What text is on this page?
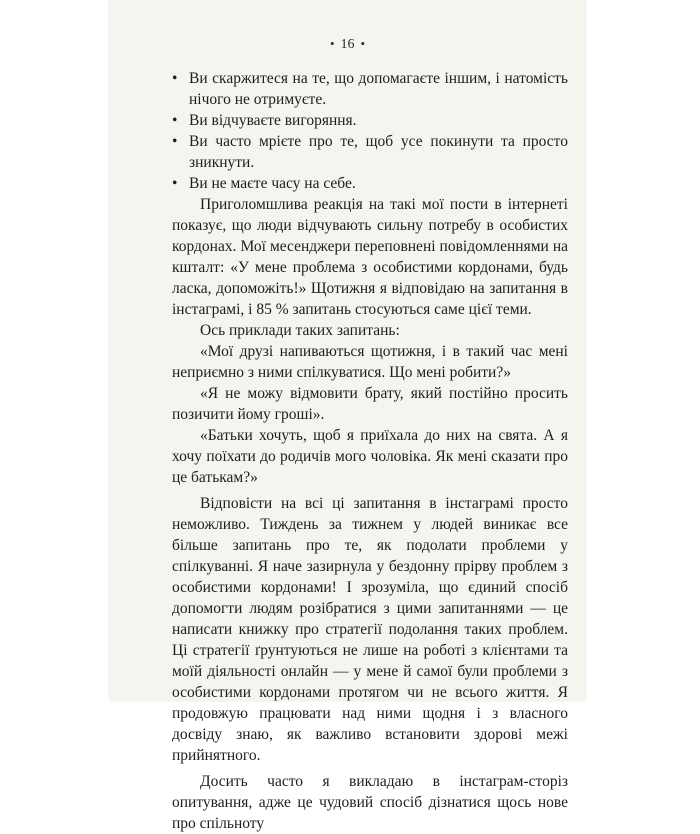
• 16 •

• Ви скаржитеся на те, що допомагаєте іншим, і натомість нічого не отримуєте.

• Ви відчуваєте вигоряння.

• Ви часто мрієте про те, щоб усе покинути та просто зникнути.

• Ви не маєте часу на себе.

Приголомшлива реакція на такі мої пости в інтернеті показує, що люди відчувають сильну потребу в особистих кордонах. Мої месенджери переповнені повідомленнями на кшталт: «У мене проблема з особистими кордонами, будь ласка, допоможіть!» Щотижня я відповідаю на запитання в інстаграмі, і 85 % запитань стосуються саме цієї теми.

Ось приклади таких запитань:

«Мої друзі напиваються щотижня, і в такий час мені неприємно з ними спілкуватися. Що мені робити?»

«Я не можу відмовити брату, який постійно просить позичити йому гроші».

«Батьки хочуть, щоб я приїхала до них на свята. А я хочу поїхати до родичів мого чоловіка. Як мені сказати про це батькам?»

Відповісти на всі ці запитання в інстаграмі просто неможливо. Тиждень за тижнем у людей виникає все більше запитань про те, як подолати проблеми у спілкуванні. Я наче зазирнула у бездонну прірву проблем з особистими кордонами! І зрозуміла, що єдиний спосіб допомогти людям розібратися з цими запитаннями — це написати книжку про стратегії подолання таких проблем. Ці стратегії ґрунтуються не лише на роботі з клієнтами та моїй діяльності онлайн — у мене й самої були проблеми з особистими кордонами протягом чи не всього життя. Я продовжую працювати над ними щодня і з власного досвіду знаю, як важливо встановити здорові межі прийнятного.

Досить часто я викладаю в інстаграм-сторіз опитування, адже це чудовий спосіб дізнатися щось нове про спільноту
